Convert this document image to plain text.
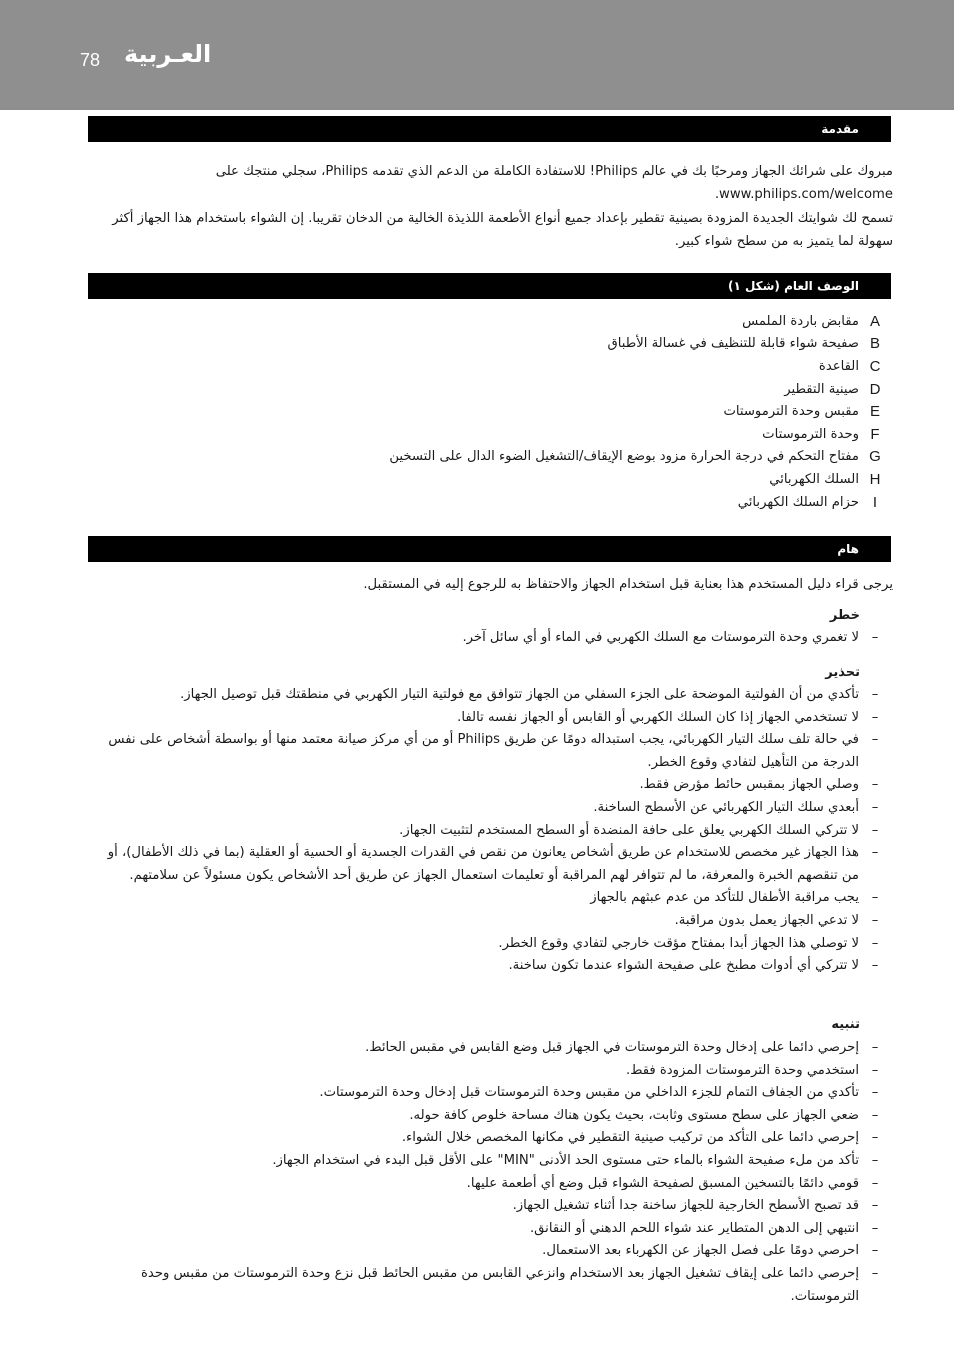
78 العـربية
مقدمة
مبروك على شرائك الجهاز ومرحبًا بك في عالم Philips! للاستفادة الكاملة من الدعم الذي تقدمه Philips، سجلي منتجك على www.philips.com/welcome.
تسمح لك شوايتك الجديدة المزودة بصينية تقطير بإعداد جميع أنواع الأطعمة اللذيذة الخالية من الدخان تقريبا. إن الشواء باستخدام هذا الجهاز أكثر سهولة لما يتميز به من سطح شواء كبير.
الوصف العام (شكل ١)
A
مقابض باردة الملمس
B
صفيحة شواء قابلة للتنظيف في غسالة الأطباق
C
القاعدة
D
صينية التقطير
E
مقبس وحدة الترموستات
F
وحدة الترموستات
G
مفتاح التحكم في درجة الحرارة مزود بوضع الإيقاف/التشغيل الضوء الدال على التسخين
H
السلك الكهربائي
I
حزام السلك الكهربائي
هام
يرجى قراء دليل المستخدم هذا بعناية قبل استخدام الجهاز والاحتفاظ به للرجوع إليه في المستقبل.
خطر
–
لا تغمري وحدة الترموستات مع السلك الكهربي في الماء أو أي سائل آخر.
تحذير
–
تأكدي من أن الفولتية الموضحة على الجزء السفلي من الجهاز تتوافق مع فولتية التيار الكهربي في منطقتك قبل توصيل الجهاز.
–
لا تستخدمي الجهاز إذا كان السلك الكهربي أو القابس أو الجهاز نفسه تالفا.
–
في حالة تلف سلك التيار الكهربائي، يجب استبداله دومًا عن طريق Philips أو من أي مركز صيانة معتمد منها أو بواسطة أشخاص على نفس الدرجة من التأهيل لتفادي وقوع الخطر.
–
وصلي الجهاز بمقبس حائط مؤرض فقط.
–
أبعدي سلك التيار الكهربائي عن الأسطح الساخنة.
–
لا تتركي السلك الكهربي يعلق على حافة المنضدة أو السطح المستخدم لتثبيت الجهاز.
–
هذا الجهاز غير مخصص للاستخدام عن طريق أشخاص يعانون من نقص في القدرات الجسدية أو الحسية أو العقلية (بما في ذلك الأطفال)، أو من تنقصهم الخبرة والمعرفة، ما لم تتوافر لهم المراقبة أو تعليمات استعمال الجهاز عن طريق أحد الأشخاص يكون مسئولاً عن سلامتهم.
–
يجب مراقبة الأطفال للتأكد من عدم عبثهم بالجهاز
–
لا تدعي الجهاز يعمل بدون مراقبة.
–
لا توصلي هذا الجهاز أبدا بمفتاح مؤقت خارجي لتفادي وقوع الخطر.
–
لا تتركي أي أدوات مطبخ على صفيحة الشواء عندما تكون ساخنة.
تنبيه
–
إحرصي دائما على إدخال وحدة الترموستات في الجهاز قبل وضع القابس في مقبس الحائط.
–
استخدمي وحدة الترموستات المزودة فقط.
–
تأكدي من الجفاف التمام للجزء الداخلي من مقبس وحدة الترموستات قبل إدخال وحدة الترموستات.
–
ضعي الجهاز على سطح مستوى وثابت، بحيث يكون هناك مساحة خلوص كافة حوله.
–
إحرصي دائما على التأكد من تركيب صينية التقطير في مكانها المخصص خلال الشواء.
–
تأكد من ملء صفيحة الشواء بالماء حتى مستوى الحد الأدنى "MIN" على الأقل قبل البدء في استخدام الجهاز.
–
قومي دائمًا بالتسخين المسبق لصفيحة الشواء قبل وضع أي أطعمة عليها.
–
قد تصبح الأسطح الخارجية للجهاز ساخنة جدا أثناء تشغيل الجهاز.
–
انتبهي إلى الدهن المتطاير عند شواء اللحم الدهني أو النقانق.
–
احرصي دومًا على فصل الجهاز عن الكهرباء بعد الاستعمال.
–
إحرصي دائما على إيقاف تشغيل الجهاز بعد الاستخدام وانزعي القابس من مقبس الحائط قبل نزع وحدة الترموستات من مقبس وحدة الترموستات.
